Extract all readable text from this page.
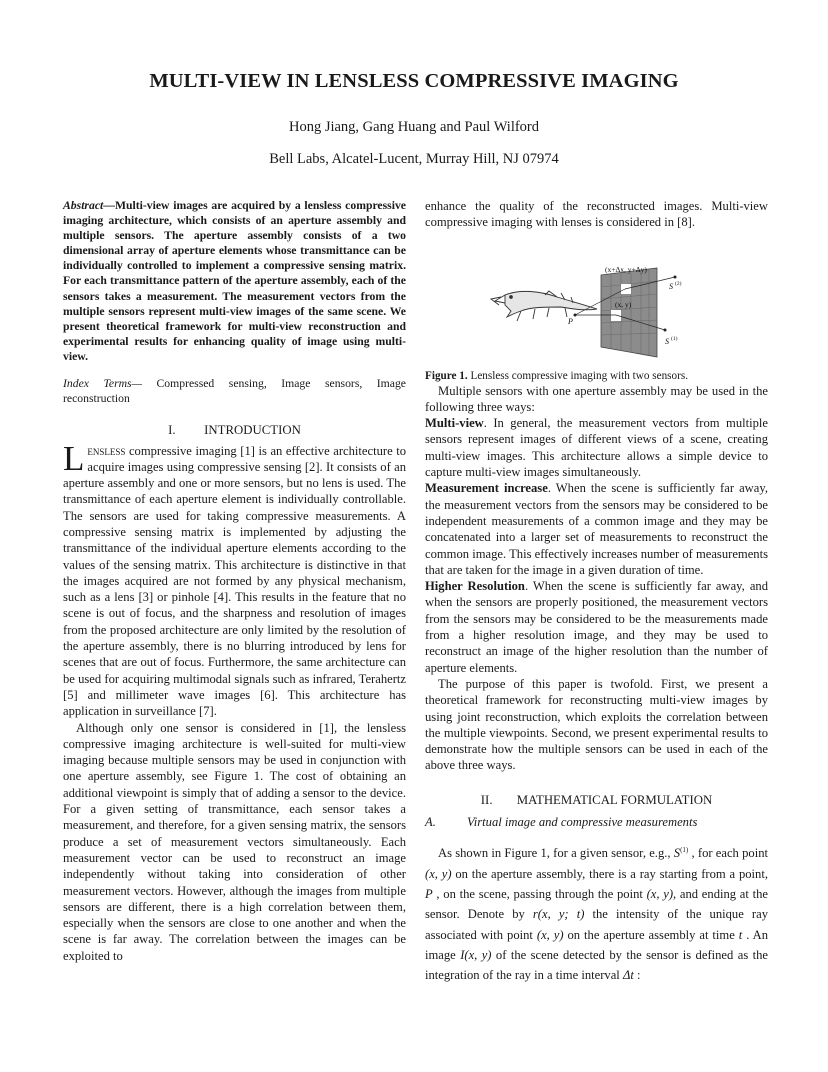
MULTI-VIEW IN LENSLESS COMPRESSIVE IMAGING
Hong Jiang, Gang Huang and Paul Wilford
Bell Labs, Alcatel-Lucent, Murray Hill, NJ 07974

Abstract—Multi-view images are acquired by a lensless compressive imaging architecture, which consists of an aperture assembly and multiple sensors. The aperture assembly consists of a two dimensional array of aperture elements whose transmittance can be individually controlled to implement a compressive sensing matrix. For each transmittance pattern of the aperture assembly, each of the sensors takes a measurement. The measurement vectors from the multiple sensors represent multi-view images of the same scene. We present theoretical framework for multi-view reconstruction and experimental results for enhancing quality of image using multi-view.

Index Terms— Compressed sensing, Image sensors, Image reconstruction

I. INTRODUCTION

Lensless compressive imaging [1] is an effective architecture to acquire images using compressive sensing [2]. It consists of an aperture assembly and one or more sensors, but no lens is used. The transmittance of each aperture element is individually controllable. The sensors are used for taking compressive measurements. A compressive sensing matrix is implemented by adjusting the transmittance of the individual aperture elements according to the values of the sensing matrix. This architecture is distinctive in that the images acquired are not formed by any physical mechanism, such as a lens [3] or pinhole [4]. This results in the feature that no scene is out of focus, and the sharpness and resolution of images from the proposed architecture are only limited by the resolution of the aperture assembly, there is no blurring introduced by lens for scenes that are out of focus. Furthermore, the same architecture can be used for acquiring multimodal signals such as infrared, Terahertz [5] and millimeter wave images [6]. This architecture has application in surveillance [7].

Although only one sensor is considered in [1], the lensless compressive imaging architecture is well-suited for multi-view imaging because multiple sensors may be used in conjunction with one aperture assembly, see Figure 1. The cost of obtaining an additional viewpoint is simply that of adding a sensor to the device. For a given setting of transmittance, each sensor takes a measurement, and therefore, for a given sensing matrix, the sensors produce a set of measurement vectors simultaneously. Each measurement vector can be used to reconstruct an image independently without taking into consideration of other measurement vectors. However, although the images from multiple sensors are different, there is a high correlation between them, especially when the sensors are close to one another and when the scene is far away. The correlation between the images can be exploited to

enhance the quality of the reconstructed images. Multi-view compressive imaging with lenses is considered in [8].

(x+Δx, y+Δy)
(x, y)
P
S (2)
S (1)

Figure 1. Lensless compressive imaging with two sensors.

Multiple sensors with one aperture assembly may be used in the following three ways:

Multi-view. In general, the measurement vectors from multiple sensors represent images of different views of a scene, creating multi-view images. This architecture allows a simple device to capture multi-view images simultaneously.

Measurement increase. When the scene is sufficiently far away, the measurement vectors from the sensors may be considered to be independent measurements of a common image and they may be concatenated into a larger set of measurements to reconstruct the common image. This effectively increases number of measurements that are taken for the image in a given duration of time.

Higher Resolution. When the scene is sufficiently far away, and when the sensors are properly positioned, the measurement vectors from the sensors may be considered to be the measurements made from a higher resolution image, and they may be used to reconstruct an image of the higher resolution than the number of aperture elements.

The purpose of this paper is twofold. First, we present a theoretical framework for reconstructing multi-view images by using joint reconstruction, which exploits the correlation between the multiple viewpoints. Second, we present experimental results to demonstrate how the multiple sensors can be used in each of the above three ways.

II. MATHEMATICAL FORMULATION
A. Virtual image and compressive measurements

As shown in Figure 1, for a given sensor, e.g., $S^{(1)}$ , for each point (x, y) on the aperture assembly, there is a ray starting from a point, P , on the scene, passing through the point (x, y), and ending at the sensor. Denote by r(x, y; t) the intensity of the unique ray associated with point (x, y) on the aperture assembly at time t . An image I(x, y) of the scene detected by the sensor is defined as the integration of the ray in a time interval Δt :
